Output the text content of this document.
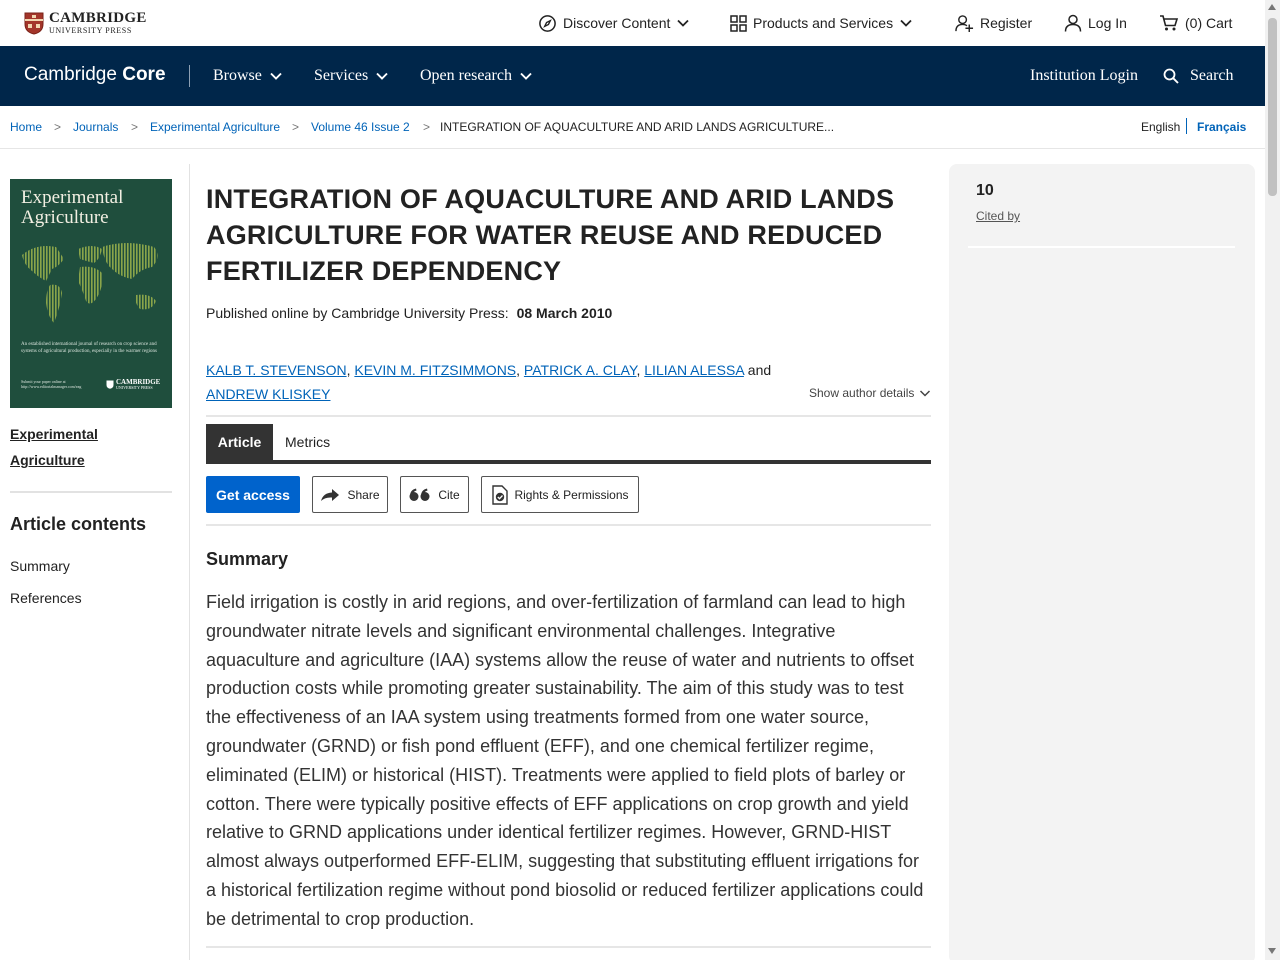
CAMBRIDGE
UNIVERSITY PRESS	Discover Content	Products and Services	Register	Log In	(0) Cart
Cambridge Core	Browse	Services	Open research	Institution Login	Search
Home > Journals > Experimental Agriculture > Volume 46 Issue 2 > INTEGRATION OF AQUACULTURE AND ARID LANDS AGRICULTURE...	English Français
Experimental Agriculture
An established international journal of research on crop science and systems of agricultural production, especially in the warmer regions
Submit your paper online at http://www.editorialmanager.com/eag
CAMBRIDGE
UNIVERSITY PRESS
Experimental Agriculture
Article contents
Summary
References
INTEGRATION OF AQUACULTURE AND ARID LANDS AGRICULTURE FOR WATER REUSE AND REDUCED FERTILIZER DEPENDENCY
Published online by Cambridge University Press: 08 March 2010
KALB T. STEVENSON, KEVIN M. FITZSIMMONS, PATRICK A. CLAY, LILIAN ALESSA and
ANDREW KLISKEY	Show author details
Article	Metrics
Get access	Share	Cite	Rights & Permissions
Summary

Field irrigation is costly in arid regions, and over-fertilization of farmland can lead to high groundwater nitrate levels and significant environmental challenges. Integrative aquaculture and agriculture (IAA) systems allow the reuse of water and nutrients to offset production costs while promoting greater sustainability. The aim of this study was to test the effectiveness of an IAA system using treatments formed from one water source, groundwater (GRND) or fish pond effluent (EFF), and one chemical fertilizer regime, eliminated (ELIM) or historical (HIST). Treatments were applied to field plots of barley or cotton. There were typically positive effects of EFF applications on crop growth and yield relative to GRND applications under identical fertilizer regimes. However, GRND-HIST almost always outperformed EFF-ELIM, suggesting that substituting effluent irrigations for a historical fertilization regime without pond biosolid or reduced fertilizer applications could be detrimental to crop production.

10
Cited by
